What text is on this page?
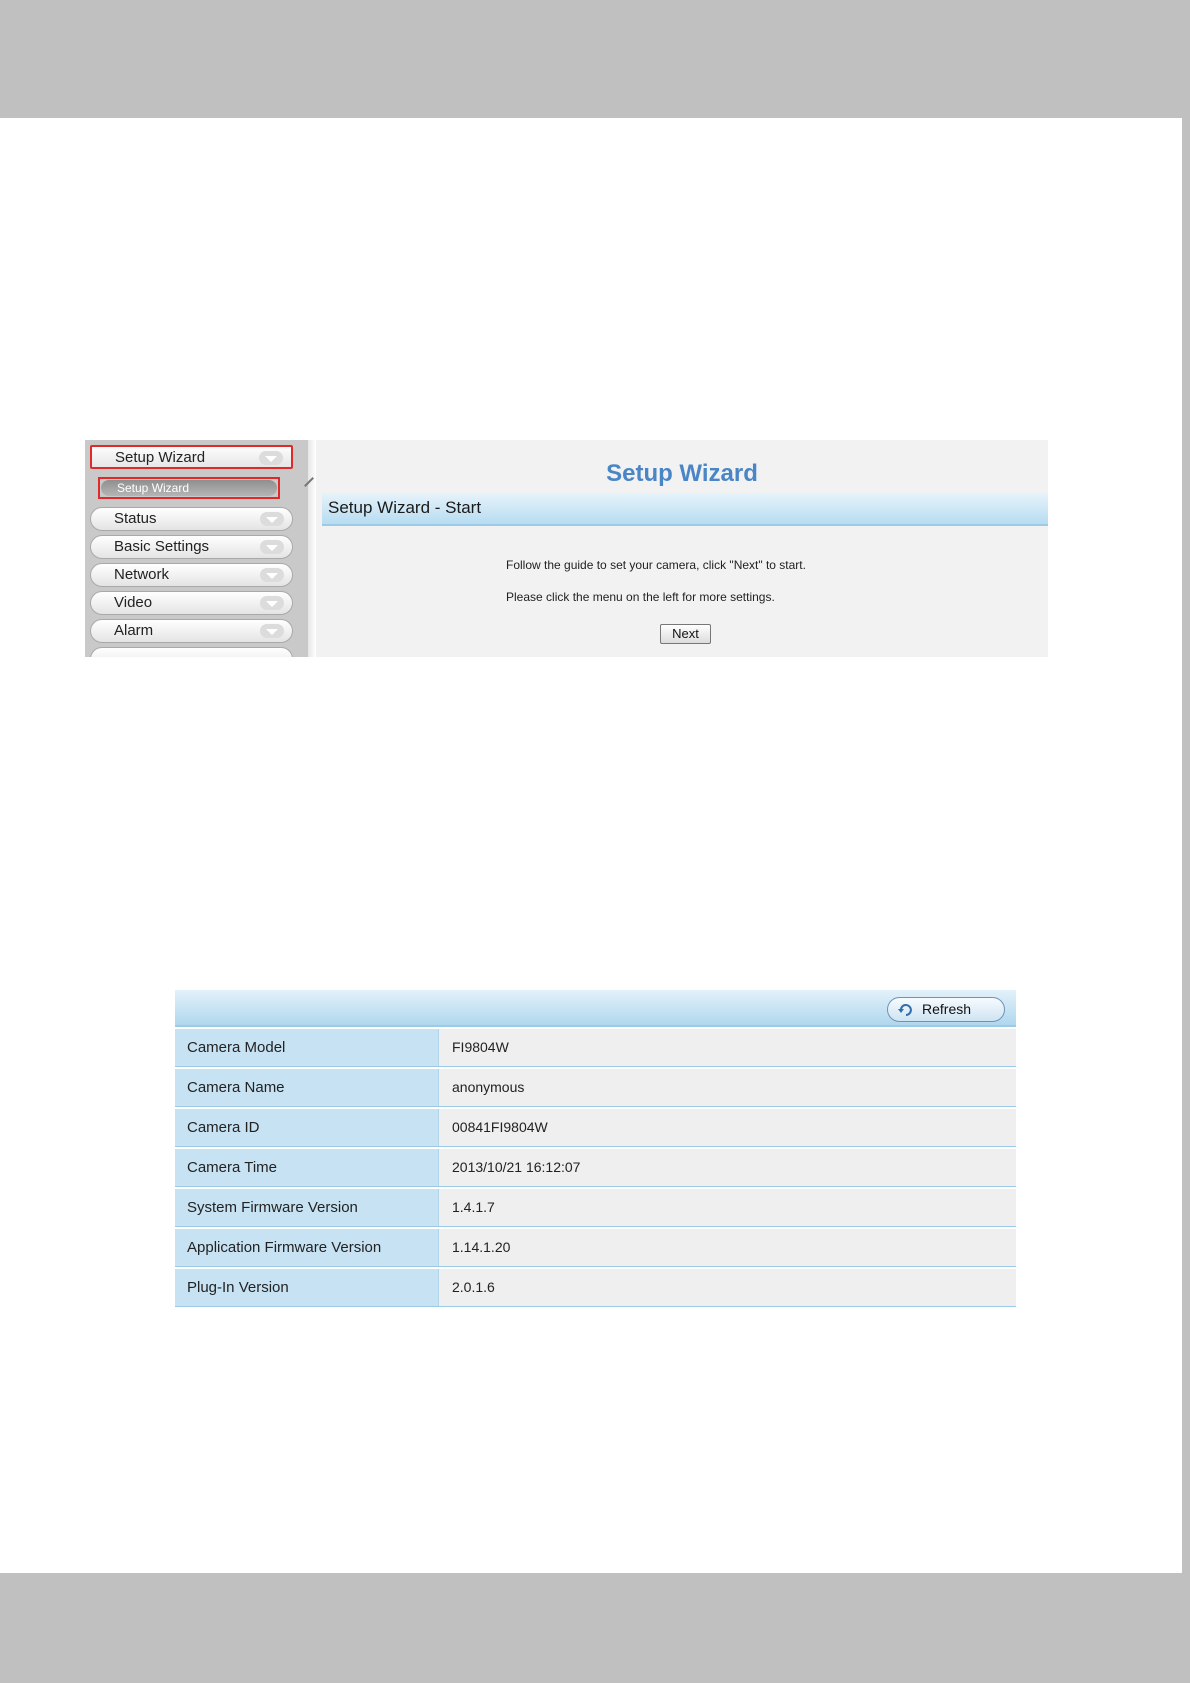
Setup Wizard
Setup Wizard
Status
Basic Settings
Network
Video
Alarm
Setup Wizard
Setup Wizard - Start
Follow the guide to set your camera, click "Next" to start.
Please click the menu on the left for more settings.
Next
Refresh
Camera Model	FI9804W
Camera Name	anonymous
Camera ID	00841FI9804W
Camera Time	2013/10/21 16:12:07
System Firmware Version	1.4.1.7
Application Firmware Version	1.14.1.20
Plug-In Version	2.0.1.6
